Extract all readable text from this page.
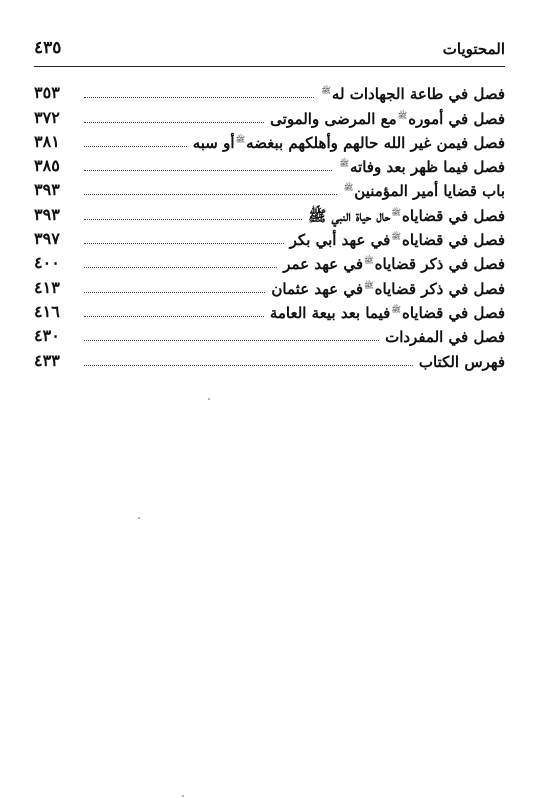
المحتويات
٤٣٥
٣٥٣	فصل في طاعة الجهادات له$^ﷺ$
٣٧٢	فصل في أموره$^ﷺ$مع المرضى والموتى
٣٨١	فصل فيمن غير الله حالهم وأهلكهم ببغضه$^ﷺ$أو سبه
٣٨٥	فصل فيما ظهر بعد وفاته$^ﷺ$
٣٩٣	باب قضايا أمير المؤمنين$^ﷺ$
٣٩٣	فصل في قضاياه$^ﷺ$حال حياة النبي ﷺ
٣٩٧	فصل في قضاياه$^ﷺ$في عهد أبي بكر
٤٠٠	فصل في ذكر قضاياه$^ﷺ$في عهد عمر
٤١٣	فصل في ذكر قضاياه$^ﷺ$في عهد عثمان
٤١٦	فصل في قضاياه$^ﷺ$فيما بعد بيعة العامة
٤٣٠	فصل في المفردات
٤٣٣	فهرس الكتاب
